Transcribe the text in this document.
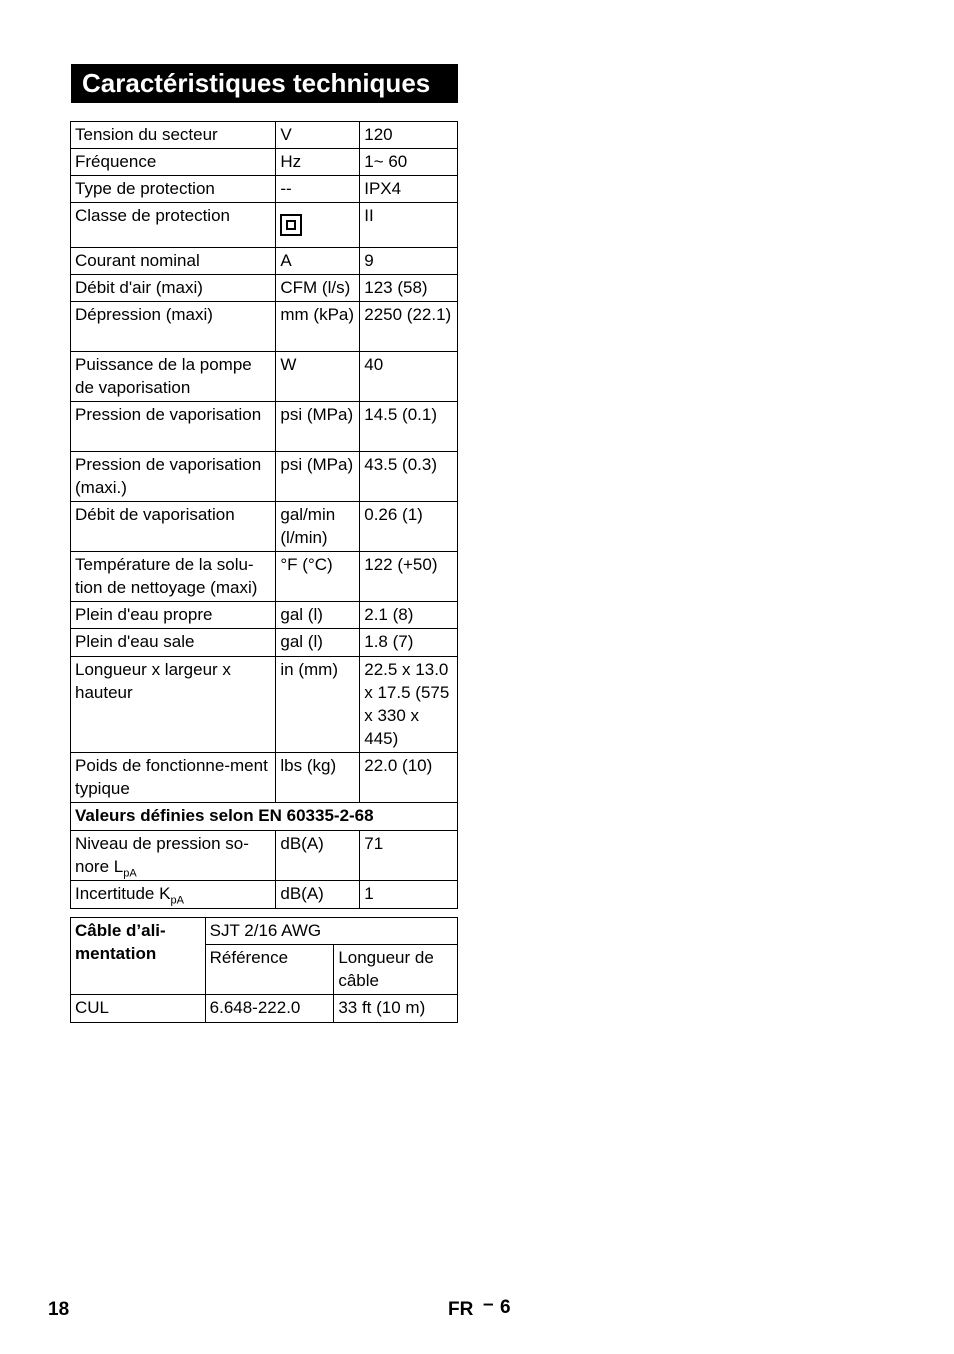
Caractéristiques techniques
Tension du secteur	V	120
Fréquence	Hz	1~ 60
Type de protection	--	IPX4
Classe de protection		II
Courant nominal	A	9
Débit d'air (maxi)	CFM (l/s)	123 (58)
Dépression (maxi)	mm (kPa)	2250 (22.1)
Puissance de la pompe de vaporisation	W	40
Pression de vaporisation	psi (MPa)	14.5 (0.1)
Pression de vaporisation (maxi.)	psi (MPa)	43.5 (0.3)
Débit de vaporisation	gal/min (l/min)	0.26 (1)
Température de la solu-tion de nettoyage (maxi)	°F (°C)	122 (+50)
Plein d'eau propre	gal (l)	2.1 (8)
Plein d'eau sale	gal (l)	1.8 (7)
Longueur x largeur x hauteur	in (mm)	22.5 x 13.0 x 17.5 (575 x 330 x 445)
Poids de fonctionne-ment typique	lbs (kg)	22.0 (10)
Valeurs définies selon EN 60335-2-68		
Niveau de pression so-nore $L_{pA}$	dB(A)	71
Incertitude $K_{pA}$	dB(A)	1
Câble d’ali-mentation	SJT 2/16 AWG	
	Référence	Longueur de câble
CUL	6.648-222.0	33 ft (10 m)
18	FR – 6
